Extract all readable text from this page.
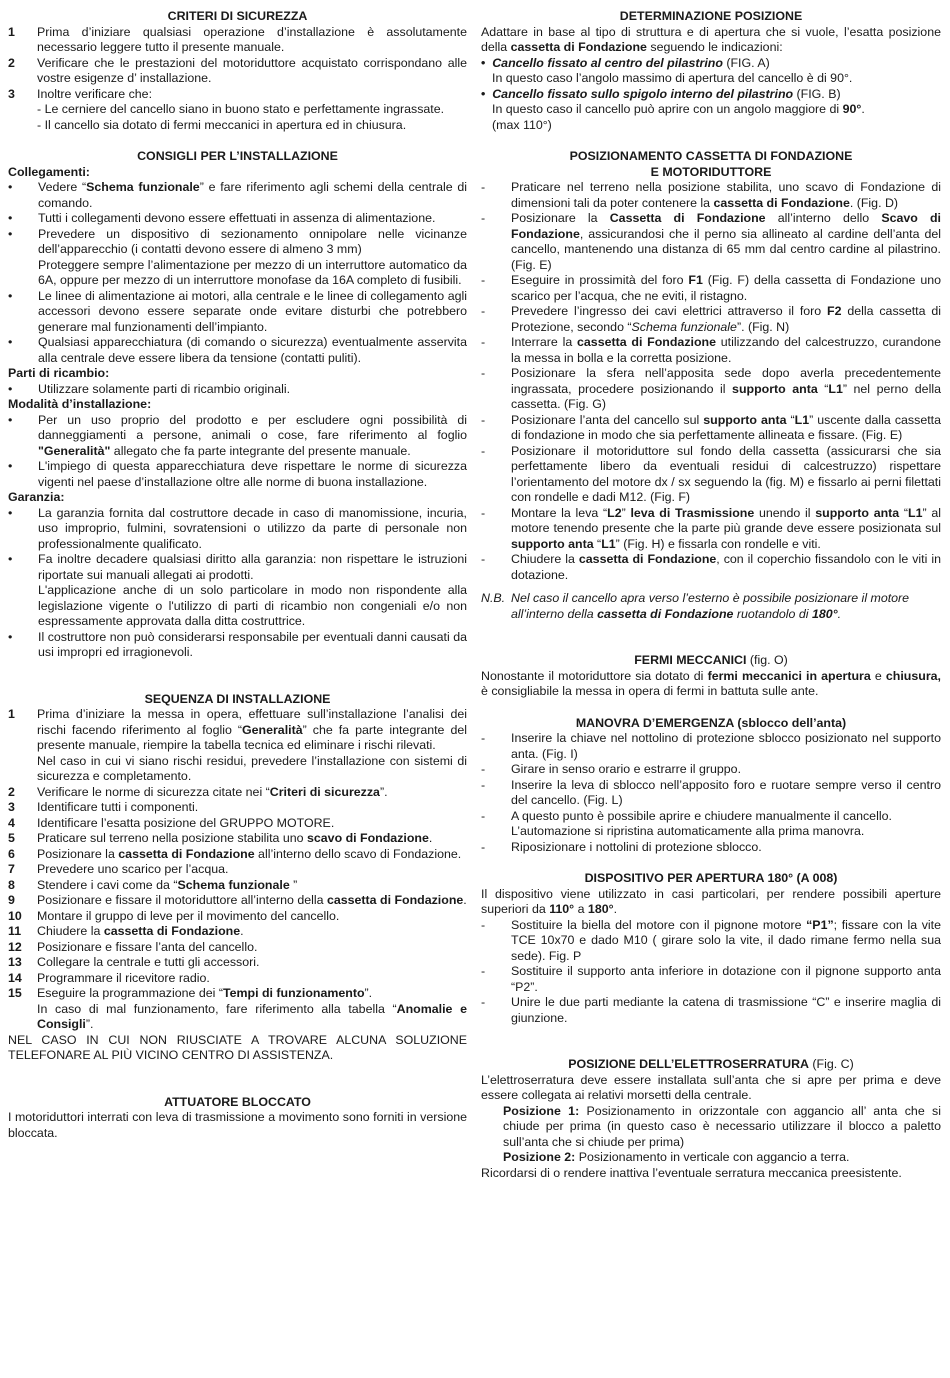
CRITERI DI SICUREZZA
1	Prima d’iniziare qualsiasi operazione d’installazione è assolutamente necessario leggere tutto il presente manuale.
2	Verificare che le prestazioni del motoriduttore acquistato corrispondano alle vostre esigenze d’ installazione.
3	Inoltre verificare che:
- Le cerniere del cancello siano in buono stato e perfettamente ingrassate.
- Il cancello sia dotato di fermi meccanici in apertura ed in chiusura.
CONSIGLI PER L’INSTALLAZIONE
Collegamenti:
•	Vedere “Schema funzionale” e fare riferimento agli schemi della centrale di comando.
•	Tutti i collegamenti devono essere effettuati in assenza di alimentazione.
•	Prevedere un dispositivo di sezionamento onnipolare nelle vicinanze dell’apparecchio (i contatti devono essere di almeno 3 mm)
Proteggere sempre l’alimentazione per mezzo di un interruttore automatico da 6A, oppure per mezzo di un interruttore monofase da 16A completo di fusibili.
•	Le linee di alimentazione ai motori, alla centrale e le linee di collegamento agli accessori devono essere separate onde evitare disturbi che potrebbero generare mal funzionamenti dell’impianto.
•	Qualsiasi apparecchiatura (di comando o sicurezza) eventualmente asservita alla centrale deve essere libera da tensione (contatti puliti).
Parti di ricambio:
•	Utilizzare solamente parti di ricambio originali.
Modalità d’installazione:
•	Per un uso proprio del prodotto e per escludere ogni possibilità di danneggiamenti a persone, animali o cose, fare riferimento al foglio "Generalità" allegato che fa parte integrante del presente manuale.
•	L'impiego di questa apparecchiatura deve rispettare le norme di sicurezza vigenti nel paese d’installazione oltre alle norme di buona installazione.
Garanzia:
•	La garanzia fornita dal costruttore decade in caso di manomissione, incuria, uso improprio, fulmini, sovratensioni o utilizzo da parte di personale non professionalmente qualificato.
•	Fa inoltre decadere qualsiasi diritto alla garanzia: non rispettare le istruzioni riportate sui manuali allegati ai prodotti.
L'applicazione anche di un solo particolare in modo non rispondente alla legislazione vigente o l'utilizzo di parti di ricambio non congeniali e/o non espressamente approvata dalla ditta costruttrice.
•	Il costruttore non può considerarsi responsabile per eventuali danni causati da usi impropri ed irragionevoli.
SEQUENZA DI INSTALLAZIONE
1	Prima d’iniziare la messa in opera, effettuare sull’installazione l’analisi dei rischi facendo riferimento al foglio “Generalità” che fa parte integrante del presente manuale, riempire la tabella tecnica ed eliminare i rischi rilevati.
Nel caso in cui vi siano rischi residui, prevedere l’installazione con sistemi di sicurezza e completamento.
2	Verificare le norme di sicurezza citate nei “Criteri di sicurezza”.
3	Identificare tutti i componenti.
4	Identificare l’esatta posizione del GRUPPO MOTORE.
5	Praticare sul terreno nella posizione stabilita uno scavo di Fondazione.
6	Posizionare la cassetta di Fondazione all’interno dello scavo di Fondazione.
7	Prevedere uno scarico per l’acqua.
8	Stendere i cavi come da “Schema funzionale ”
9	Posizionare e fissare il motoriduttore all’interno della cassetta di Fondazione.
10	Montare il gruppo di leve per il movimento del cancello.
11	Chiudere la cassetta di Fondazione.
12	Posizionare e fissare l’anta del cancello.
13	Collegare la centrale e tutti gli accessori.
14	Programmare il ricevitore radio.
15	Eseguire la programmazione dei “Tempi di funzionamento”.
In caso di mal funzionamento, fare riferimento alla tabella “Anomalie e Consigli”.

NEL CASO IN CUI NON RIUSCIATE A TROVARE ALCUNA SOLUZIONE TELEFONARE AL PIÙ VICINO CENTRO DI ASSISTENZA.

ATTUATORE BLOCCATO

I motoriduttori interrati con leva di trasmissione a movimento sono forniti in versione bloccata.

DETERMINAZIONE POSIZIONE

Adattare in base al tipo di struttura e di apertura che si vuole, l’esatta posizione della cassetta di Fondazione seguendo le indicazioni:

• Cancello fissato al centro del pilastrino (FIG. A)
In questo caso l’angolo massimo di apertura del cancello è di 90°.
• Cancello fissato sullo spigolo interno del pilastrino (FIG. B)
In questo caso il cancello può aprire con un angolo maggiore di 90°.
(max 110°)
POSIZIONAMENTO CASSETTA DI FONDAZIONE
E MOTORIDUTTORE
-	Praticare nel terreno nella posizione stabilita, uno scavo di Fondazione di dimensioni tali da poter contenere la cassetta di Fondazione. (Fig. D)
-	Posizionare la Cassetta di Fondazione all’interno dello Scavo di Fondazione, assicurandosi che il perno sia allineato al cardine dell’anta del cancello, mantenendo una distanza di 65 mm dal centro cardine al pilastrino. (Fig. E)
-	Eseguire in prossimità del foro F1 (Fig. F) della cassetta di Fondazione uno scarico per l’acqua, che ne eviti, il ristagno.
-	Prevedere l’ingresso dei cavi elettrici attraverso il foro F2 della cassetta di Protezione, secondo “Schema funzionale”. (Fig. N)
-	Interrare la cassetta di Fondazione utilizzando del calcestruzzo, curandone la messa in bolla e la corretta posizione.
-	Posizionare la sfera nell’apposita sede dopo averla precedentemente ingrassata, procedere posizionando il supporto anta “L1” nel perno della cassetta. (Fig. G)
-	Posizionare l’anta del cancello sul supporto anta “L1” uscente dalla cassetta di fondazione in modo che sia perfettamente allineata e fissare. (Fig. E)
-	Posizionare il motoriduttore sul fondo della cassetta (assicurarsi che sia perfettamente libero da eventuali residui di calcestruzzo) rispettare l’orientamento del motore dx / sx seguendo la (fig. M) e fissarlo ai perni filettati con rondelle e dadi M12. (Fig. F)
-	Montare la leva “L2” leva di Trasmissione unendo il supporto anta “L1” al motore tenendo presente che la parte più grande deve essere posizionata sul supporto anta “L1” (Fig. H) e fissarla con rondelle e viti.
-	Chiudere la cassetta di Fondazione, con il coperchio fissandolo con le viti in dotazione.
N.B. Nel caso il cancello apra verso l’esterno è possibile posizionare il motore all’interno della cassetta di Fondazione ruotandolo di 180°.
FERMI MECCANICI (fig. O)

Nonostante il motoriduttore sia dotato di fermi meccanici in apertura e chiusura, è consigliabile la messa in opera di fermi in battuta sulle ante.

MANOVRA D’EMERGENZA (sblocco dell’anta)
-	Inserire la chiave nel nottolino di protezione sblocco posizionato nel supporto anta. (Fig. I)
-	Girare in senso orario e estrarre il gruppo.
-	Inserire la leva di sblocco nell’apposito foro e ruotare sempre verso il centro del cancello. (Fig. L)
-	A questo punto è possibile aprire e chiudere manualmente il cancello.
L’automazione si ripristina automaticamente alla prima manovra.
-	Riposizionare i nottolini di protezione sblocco.
DISPOSITIVO PER APERTURA 180° (A 008)

Il dispositivo viene utilizzato in casi particolari, per rendere possibili aperture superiori da 110° a 180°.

-	Sostituire la biella del motore con il pignone motore “P1”; fissare con la vite TCE 10x70 e dado M10 ( girare solo la vite, il dado rimane fermo nella sua sede). Fig. P
-	Sostituire il supporto anta inferiore in dotazione con il pignone supporto anta “P2”.
-	Unire le due parti mediante la catena di trasmissione “C” e inserire maglia di giunzione.
POSIZIONE DELL’ELETTROSERRATURA (Fig. C)

L’elettroserratura deve essere installata sull’anta che si apre per prima e deve essere collegata ai relativi morsetti della centrale.

Posizione 1: Posizionamento in orizzontale con aggancio all’ anta che si chiude per prima (in questo caso è necessario utilizzare il blocco a paletto sull’anta che si chiude per prima)
Posizione 2: Posizionamento in verticale con aggancio a terra.

Ricordarsi di o rendere inattiva l’eventuale serratura meccanica preesistente.
